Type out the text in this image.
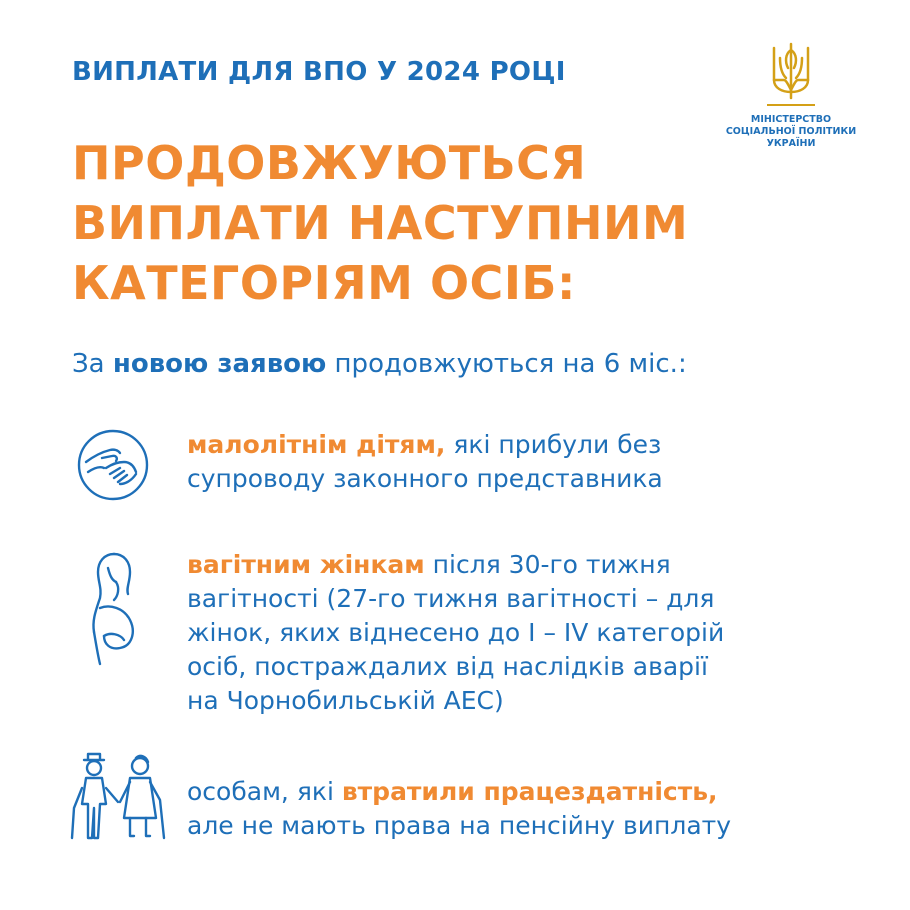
ВИПЛАТИ ДЛЯ ВПО У 2024 РОЦІ
МІНІСТЕРСТВО
СОЦІАЛЬНОЇ ПОЛІТИКИ
УКРАЇНИ
ПРОДОВЖУЮТЬСЯ
ВИПЛАТИ НАСТУПНИМ
КАТЕГОРІЯМ ОСІБ:
За новою заявою продовжуються на 6 міс.:
малолітнім дітям, які прибули без
супроводу законного представника
вагітним жінкам після 30-го тижня
вагітності (27-го тижня вагітності – для
жінок, яких віднесено до I – IV категорій
осіб, постраждалих від наслідків аварії
на Чорнобильській АЕС)
особам, які втратили працездатність,
але не мають права на пенсійну виплату
